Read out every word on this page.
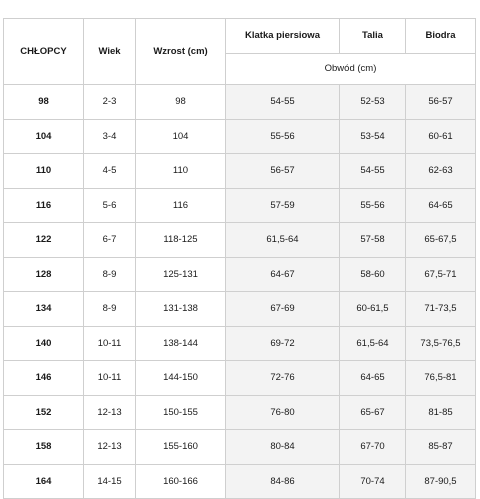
CHŁOPCY	Wiek	Wzrost (cm)	Klatka piersiowa	Talia	Biodra
			Obwód (cm)		
98	2-3	98	54-55	52-53	56-57
104	3-4	104	55-56	53-54	60-61
110	4-5	110	56-57	54-55	62-63
116	5-6	116	57-59	55-56	64-65
122	6-7	118-125	61,5-64	57-58	65-67,5
128	8-9	125-131	64-67	58-60	67,5-71
134	8-9	131-138	67-69	60-61,5	71-73,5
140	10-11	138-144	69-72	61,5-64	73,5-76,5
146	10-11	144-150	72-76	64-65	76,5-81
152	12-13	150-155	76-80	65-67	81-85
158	12-13	155-160	80-84	67-70	85-87
164	14-15	160-166	84-86	70-74	87-90,5
